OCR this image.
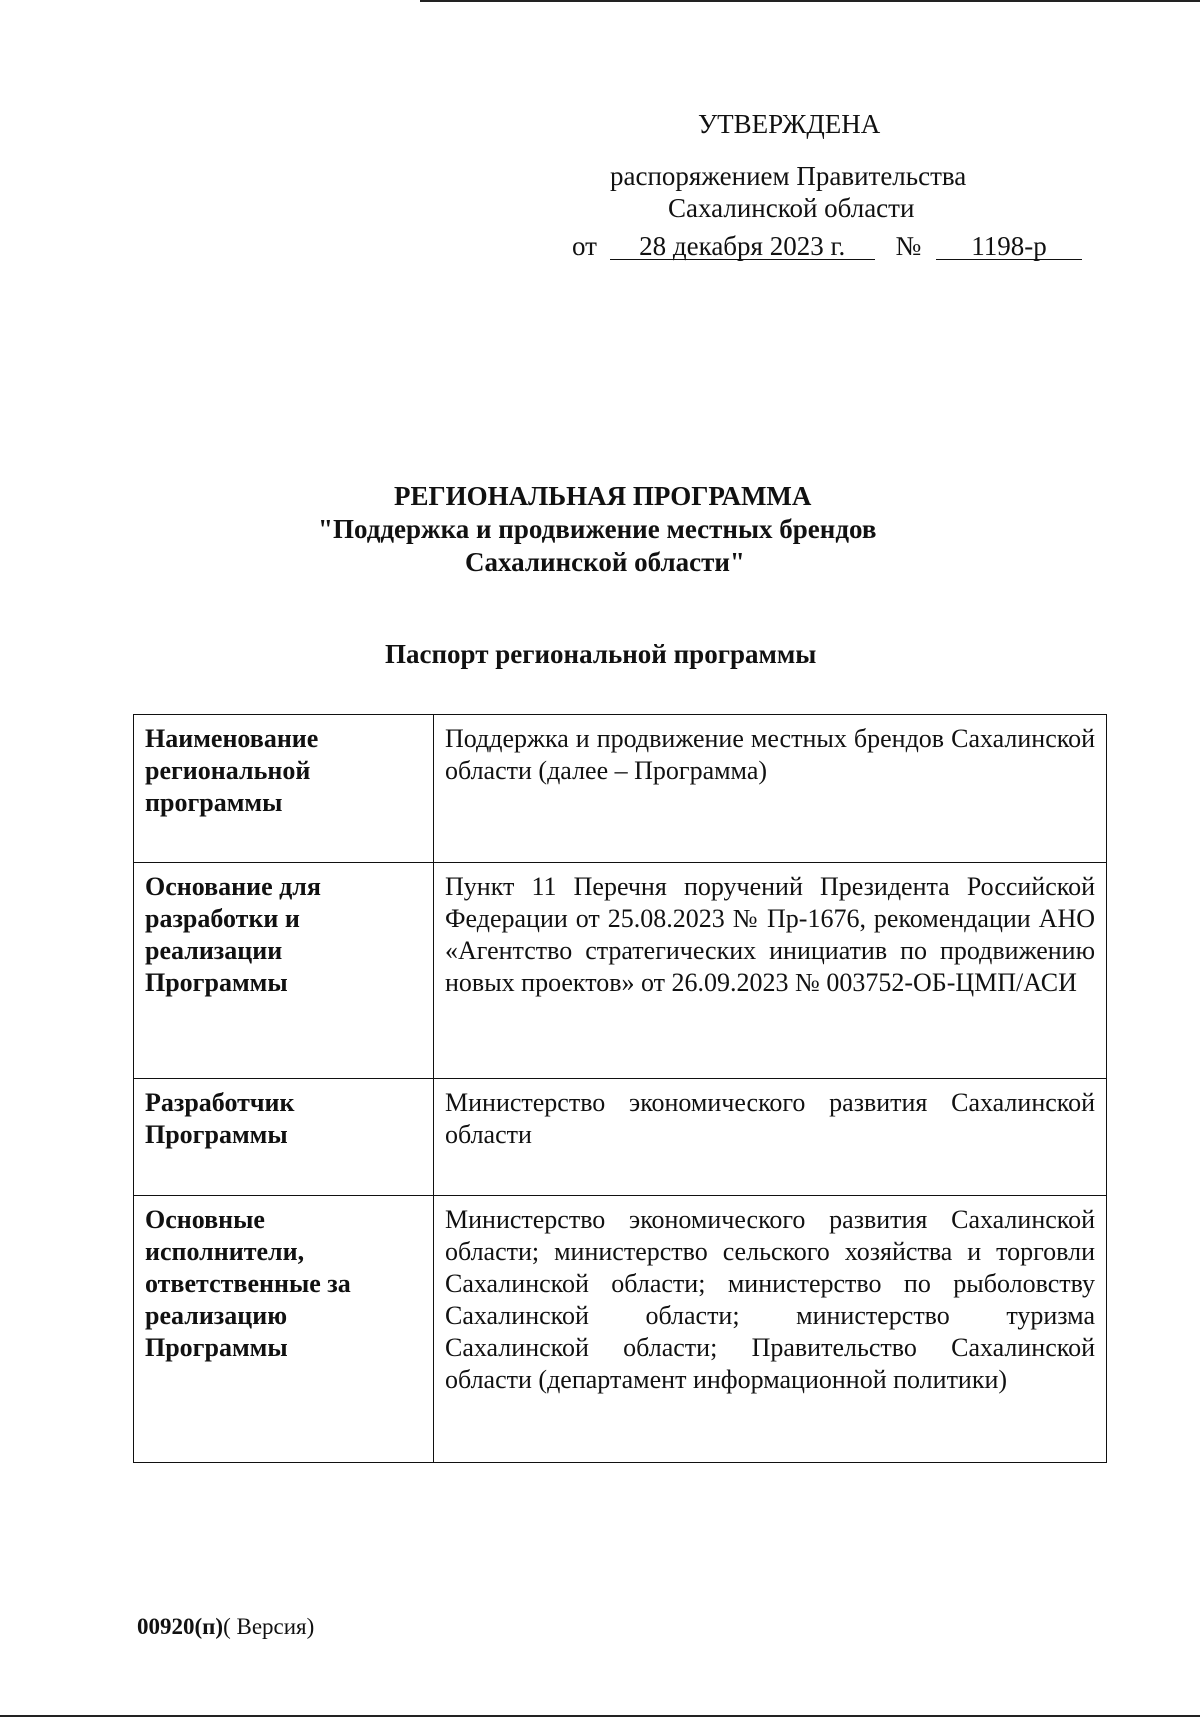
УТВЕРЖДЕНА
распоряжением Правительства
Сахалинской области
от 28 декабря 2023 г. № 1198-р
РЕГИОНАЛЬНАЯ ПРОГРАММА
"Поддержка и продвижение местных брендов
Сахалинской области"
Паспорт региональной программы
Наименование региональной программы	Поддержка и продвижение местных брендов Сахалинской области (далее – Программа)
Основание для разработки и реализации Программы	Пункт 11 Перечня поручений Президента Российской Федерации от 25.08.2023 № Пр-1676, рекомендации АНО «Агентство стратегических инициатив по продвижению новых проектов» от 26.09.2023 № 003752-ОБ-ЦМП/АСИ
Разработчик Программы	Министерство экономического развития Сахалинской области
Основные исполнители, ответственные за реализацию Программы	Министерство экономического развития Сахалинской области; министерство сельского хозяйства и торговли Сахалинской области; министерство по рыболовству Сахалинской области; министерство туризма Сахалинской области; Правительство Сахалинской области (департамент информационной политики)
00920(п)( Версия)
